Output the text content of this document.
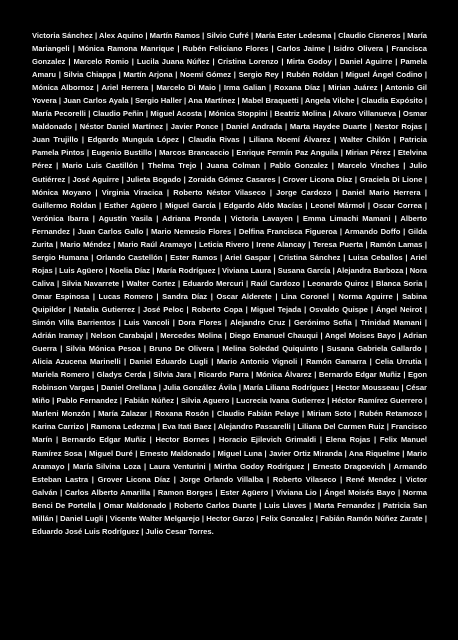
Victoria Sánchez | Alex Aquino | Martín Ramos | Silvio Cufré | María Ester Ledesma | Claudio Cisneros | María Mariangeli | Mónica Ramona Manrique | Rubén Feliciano Flores | Carlos Jaime | Isidro Olivera | Francisca Gonzalez | Marcelo Romio | Lucila Juana Núñez | Cristina Lorenzo | Mirta Godoy | Daniel Aguirre | Pamela Amaru | Silvia Chiappa | Martín Arjona | Noemí Gómez | Sergio Rey | Rubén Roldan | Miguel Ángel Codino | Mónica Albornoz | Ariel Herrera | Marcelo Di Maio | Irma Galian | Roxana Díaz | Mirian Juárez | Antonio Gil Yovera | Juan Carlos Ayala | Sergio Haller | Ana Martínez | Mabel Braquetti | Angela Vilche | Claudia Expósito | María Pecorelli | Claudio Peñin | Miguel Acosta | Mónica Stoppini | Beatriz Molina | Alvaro Villanueva | Osmar Maldonado | Néstor Daniel Martínez | Javier Ponce | Daniel Andrada | Marta Haydee Duarte | Nestor Rojas | Juan Trujillo | Edgardo Munguía López | Claudia Rivas | Liliana Noemí Álvarez | Walter Chilón | Patricia Pamela Pintos | Eugenio Bustillo | Marcos Brancaccio | Enrique Fermín Paz Anguila | Mirian Pérez | Etelvina Pérez | Mario Luis Castillón | Thelma Trejo | Juana Colman | Pablo Gonzalez | Marcelo Vinches | Julio Gutiérrez | José Aguirre | Julieta Bogado | Zoraida Gómez Casares | Crover Licona Díaz | Graciela Di Lione | Mónica Moyano | Virginia Viracica | Roberto Néstor Vilaseco | Jorge Cardozo | Daniel Mario Herrera | Guillermo Roldan | Esther Agüero | Miguel García | Edgardo Aldo Macías | Leonel Mármol | Oscar Correa | Verónica Ibarra | Agustín Yasila | Adriana Pronda | Victoria Lavayen | Emma Limachi Mamani | Alberto Fernandez | Juan Carlos Gallo | Mario Nemesio Flores | Delfina Francisca Figueroa | Armando Doffo | Gilda Zurita | Mario Méndez | Mario Raúl Aramayo | Leticia Rivero | Irene Alancay | Teresa Puerta | Ramón Lamas | Sergio Humana | Orlando Castellón | Ester Ramos | Ariel Gaspar | Cristina Sánchez | Luisa Ceballos | Ariel Rojas | Luis Agüero | Noelia Díaz | María Rodríguez | Viviana Laura | Susana García | Alejandra Barboza | Nora Caliva | Silvia Navarrete | Walter Cortez | Eduardo Mercuri | Raúl Cardozo | Leonardo Quiroz | Blanca Soria | Omar Espinosa | Lucas Romero | Sandra Díaz | Oscar Alderete | Lina Coronel | Norma Aguirre | Sabina Quipildor | Natalia Gutierrez | José Peloc | Roberto Copa | Miguel Tejada | Osvaldo Quispe | Ángel Neirot | Simón Villa Barrientos | Luis Vancoli | Dora Flores | Alejandro Cruz | Gerónimo Sofía | Trinidad Mamani | Adrián Iramay | Nelson Carabajal | Mercedes Molina | Diego Emanuel Chauqui | Angel Moises Bayo | Adrian Guerra | Silvia Mónica Pesoa | Bruno De Olivera | Melina Soledad Quiquinto | Susana Gabriela Gallardo | Alicia Azucena Marinelli | Daniel Eduardo Lugli | Mario Antonio Vignoli | Ramón Gamarra | Celia Urrutia | Mariela Romero | Gladys Cerda | Silvia Jara | Ricardo Parra | Mónica Álvarez | Bernardo Edgar Muñiz | Egon Robinson Vargas | Daniel Orellana | Julia González Ávila | María Liliana Rodríguez | Hector Mousseau | César Miño | Pablo Fernandez | Fabián Núñez | Silvia Aguero | Lucrecia Ivana Gutierrez | Héctor Ramírez Guerrero | Marleni Monzón | María Zalazar | Roxana Rosón | Claudio Fabián Pelaye | Miriam Soto | Rubén Retamozo | Karina Carrizo | Ramona Ledezma | Eva Itati Baez | Alejandro Passarelli | Liliana Del Carmen Ruiz | Francisco Marín | Bernardo Edgar Muñiz | Hector Bornes | Horacio Ejilevich Grimaldi | Elena Rojas | Felix Manuel Ramírez Sosa | Miguel Duré | Ernesto Maldonado | Miguel Luna | Javier Ortiz Miranda | Ana Riquelme | Mario Aramayo | María Silvina Loza | Laura Venturini | Mirtha Godoy Rodríguez | Ernesto Dragoevich | Armando Esteban Lastra | Grover Licona Díaz | Jorge Orlando Villalba | Roberto Vilaseco | René Mendez | Victor Galván | Carlos Alberto Amarilla | Ramon Borges | Ester Agüero | Viviana Lio | Ángel Moisés Bayo | Norma Benci De Portella | Omar Maldonado | Roberto Carlos Duarte | Luis Llaves | Marta Fernandez | Patricia San Millán | Daniel Lugli | Vicente Walter Melgarejo | Hector Garzo | Felix Gonzalez | Fabián Ramón Núñez Zarate | Eduardo José Luis Rodríguez | Julio Cesar Torres.
